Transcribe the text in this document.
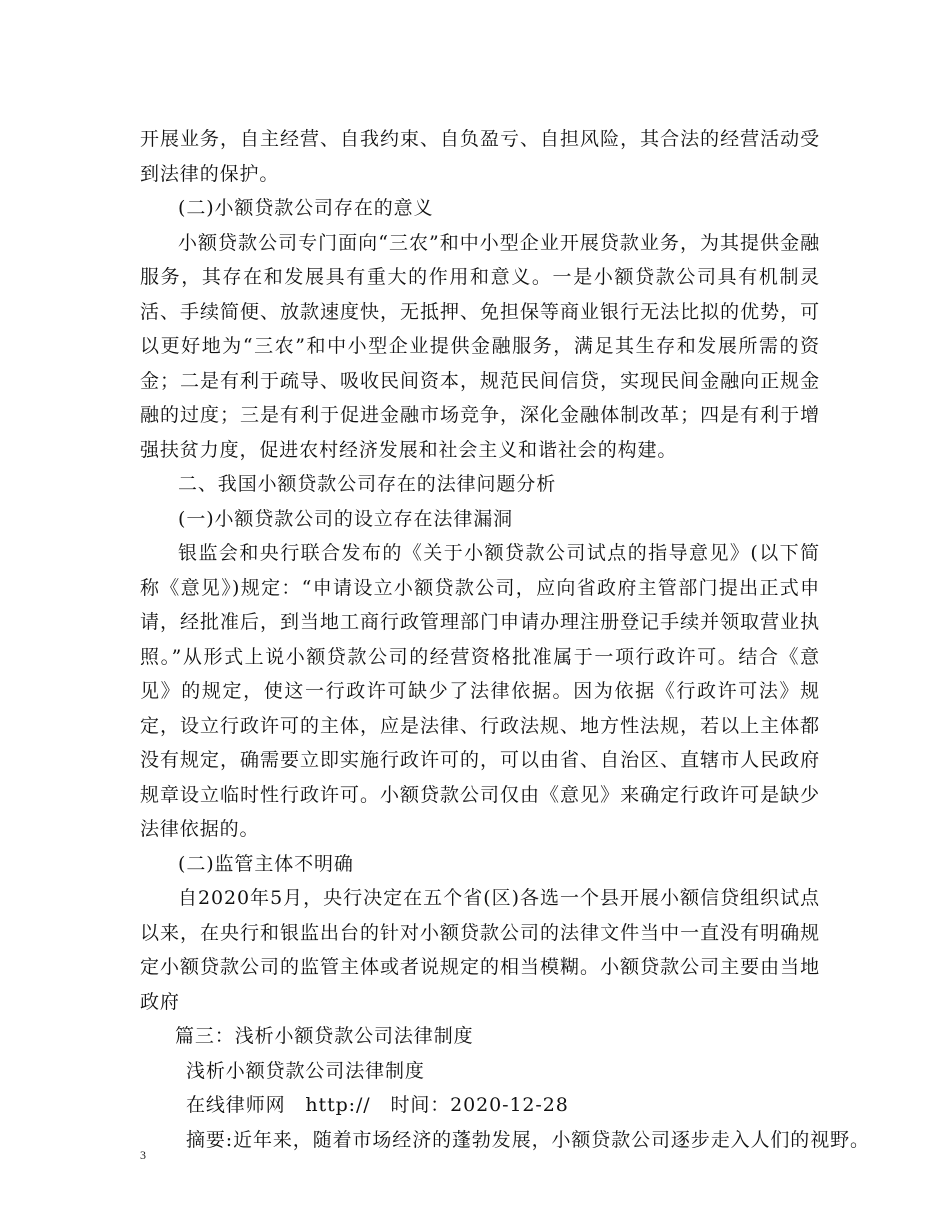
开展业务，自主经营、自我约束、自负盈亏、自担风险，其合法的经营活动受到法律的保护。

(二)小额贷款公司存在的意义

小额贷款公司专门面向“三农”和中小型企业开展贷款业务，为其提供金融服务，其存在和发展具有重大的作用和意义。一是小额贷款公司具有机制灵活、手续简便、放款速度快，无抵押、免担保等商业银行无法比拟的优势，可以更好地为“三农”和中小型企业提供金融服务，满足其生存和发展所需的资金；二是有利于疏导、吸收民间资本，规范民间信贷，实现民间金融向正规金融的过度；三是有利于促进金融市场竞争，深化金融体制改革；四是有利于增强扶贫力度，促进农村经济发展和社会主义和谐社会的构建。

二、我国小额贷款公司存在的法律问题分析

(一)小额贷款公司的设立存在法律漏洞

银监会和央行联合发布的《关于小额贷款公司试点的指导意见》(以下简称《意见》)规定：“申请设立小额贷款公司，应向省政府主管部门提出正式申请，经批准后，到当地工商行政管理部门申请办理注册登记手续并领取营业执照。”从形式上说小额贷款公司的经营资格批准属于一项行政许可。结合《意见》的规定，使这一行政许可缺少了法律依据。因为依据《行政许可法》规定，设立行政许可的主体，应是法律、行政法规、地方性法规，若以上主体都没有规定，确需要立即实施行政许可的，可以由省、自治区、直辖市人民政府规章设立临时性行政许可。小额贷款公司仅由《意见》来确定行政许可是缺少法律依据的。

(二)监管主体不明确

自2020年5月，央行决定在五个省(区)各选一个县开展小额信贷组织试点以来，在央行和银监出台的针对小额贷款公司的法律文件当中一直没有明确规定小额贷款公司的监管主体或者说规定的相当模糊。小额贷款公司主要由当地政府

篇三：浅析小额贷款公司法律制度

浅析小额贷款公司法律制度

在线律师网　http://　时间：2020-12-28

摘要:近年来，随着市场经济的蓬勃发展，小额贷款公司逐步走入人们的视野。

3
